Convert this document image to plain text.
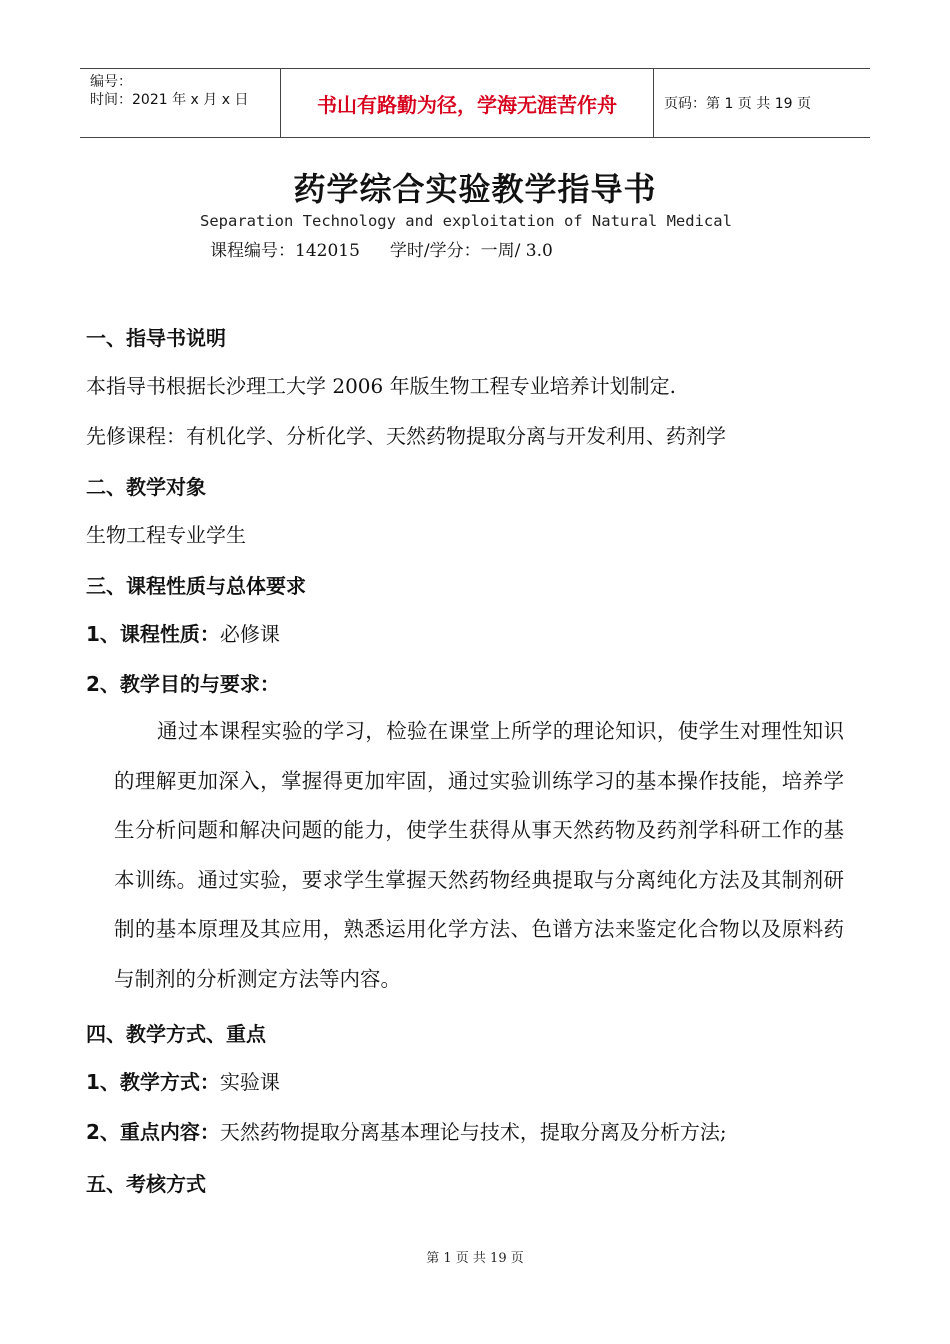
编号：
时间：2021 年 x 月 x 日	书山有路勤为径，学海无涯苦作舟	页码：第 1 页 共 19 页
药学综合实验教学指导书
Separation Technology and exploitation of Natural Medical
课程编号：142015 学时/学分：一周/ 3.0
一、指导书说明
本指导书根据长沙理工大学 2006 年版生物工程专业培养计划制定.
先修课程：有机化学、分析化学、天然药物提取分离与开发利用、药剂学
二、教学对象
生物工程专业学生
三、课程性质与总体要求
1、课程性质：必修课
2、教学目的与要求：
通过本课程实验的学习，检验在课堂上所学的理论知识，使学生对理性知识的理解更加深入，掌握得更加牢固，通过实验训练学习的基本操作技能，培养学生分析问题和解决问题的能力，使学生获得从事天然药物及药剂学科研工作的基本训练。通过实验，要求学生掌握天然药物经典提取与分离纯化方法及其制剂研制的基本原理及其应用，熟悉运用化学方法、色谱方法来鉴定化合物以及原料药与制剂的分析测定方法等内容。
四、教学方式、重点
1、教学方式：实验课
2、重点内容：天然药物提取分离基本理论与技术，提取分离及分析方法;
五、考核方式
第 1 页 共 19 页
